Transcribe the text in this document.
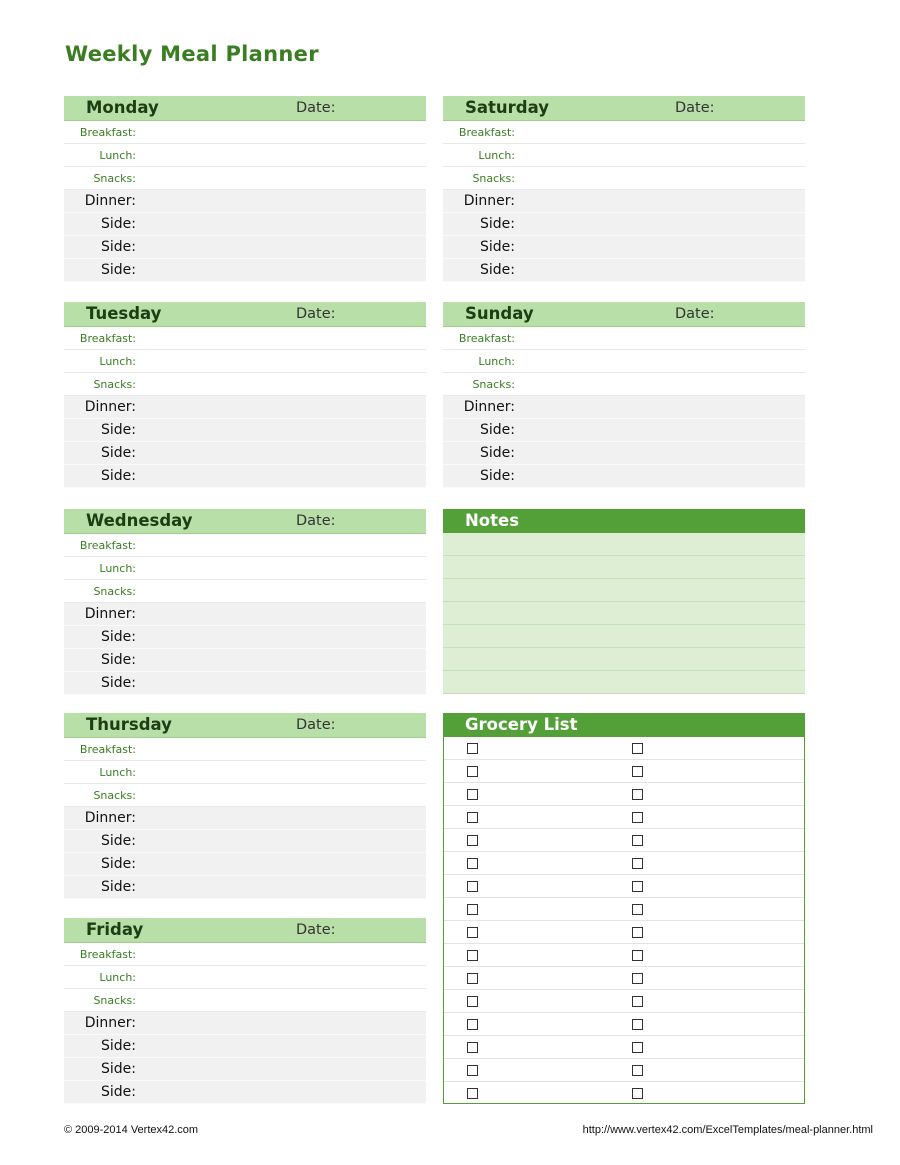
Weekly Meal Planner
Monday	Date:
Breakfast:
Lunch:
Snacks:
Dinner:
Side:
Side:
Side:
Tuesday	Date:
Breakfast:
Lunch:
Snacks:
Dinner:
Side:
Side:
Side:
Wednesday	Date:
Breakfast:
Lunch:
Snacks:
Dinner:
Side:
Side:
Side:
Thursday	Date:
Breakfast:
Lunch:
Snacks:
Dinner:
Side:
Side:
Side:
Friday	Date:
Breakfast:
Lunch:
Snacks:
Dinner:
Side:
Side:
Side:
Saturday	Date:
Breakfast:
Lunch:
Snacks:
Dinner:
Side:
Side:
Side:
Sunday	Date:
Breakfast:
Lunch:
Snacks:
Dinner:
Side:
Side:
Side:
Notes
Grocery List
© 2009-2014 Vertex42.com	http://www.vertex42.com/ExcelTemplates/meal-planner.html
